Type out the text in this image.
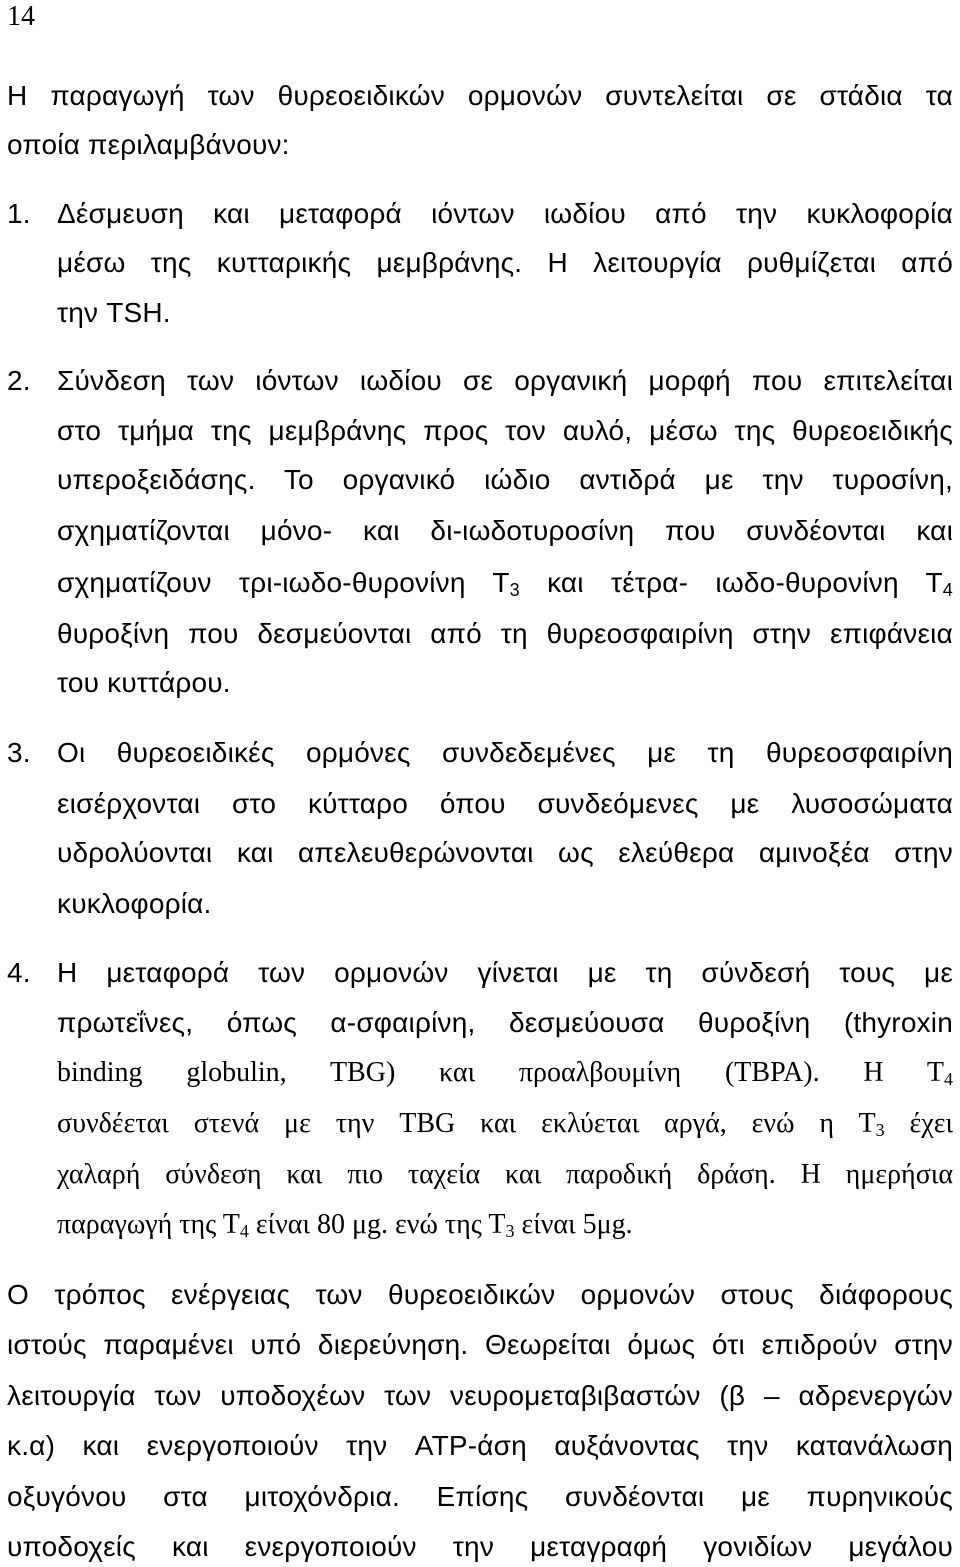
14
Η παραγωγή των θυρεοειδικών ορμονών συντελείται σε στάδια τα
οποία περιλαμβάνουν:
1. Δέσμευση και μεταφορά ιόντων ιωδίου από την κυκλοφορία
μέσω της κυτταρικής μεμβράνης. Η λειτουργία ρυθμίζεται από
την TSH.
2. Σύνδεση των ιόντων ιωδίου σε οργανική μορφή που επιτελείται
στο τμήμα της μεμβράνης προς τον αυλό, μέσω της θυρεοειδικής
υπεροξειδάσης. Το οργανικό ιώδιο αντιδρά με την τυροσίνη,
σχηματίζονται μόνο- και δι-ιωδοτυροσίνη που συνδέονται και
σχηματίζουν τρι-ιωδο-θυρονίνη $T_3$ και τέτρα- ιωδο-θυρονίνη $T_4$
θυροξίνη που δεσμεύονται από τη θυρεοσφαιρίνη στην επιφάνεια
του κυττάρου.
3. Οι θυρεοειδικές ορμόνες συνδεδεμένες με τη θυρεοσφαιρίνη
εισέρχονται στο κύτταρο όπου συνδεόμενες με λυσοσώματα
υδρολύονται και απελευθερώνονται ως ελεύθερα αμινοξέα στην
κυκλοφορία.
4. Η μεταφορά των ορμονών γίνεται με τη σύνδεσή τους με
πρωτεΐνες, όπως α-σφαιρίνη, δεσμεύουσα θυροξίνη (thyroxin
binding globulin, TBG) και προαλβουμίνη (TBPA). Η $T_4$
συνδέεται στενά με την TBG και εκλύεται αργά, ενώ η $T_3$ έχει
χαλαρή σύνδεση και πιο ταχεία και παροδική δράση. Η ημερήσια
παραγωγή της $T_4$ είναι 80 μg. ενώ της $T_3$ είναι 5μg.
Ο τρόπος ενέργειας των θυρεοειδικών ορμονών στους διάφορους
ιστούς παραμένει υπό διερεύνηση. Θεωρείται όμως ότι επιδρούν στην
λειτουργία των υποδοχέων των νευρομεταβιβαστών (β – αδρενεργών
κ.α) και ενεργοποιούν την ATP-άση αυξάνοντας την κατανάλωση
οξυγόνου στα μιτοχόνδρια. Επίσης συνδέονται με πυρηνικούς
υποδοχείς και ενεργοποιούν την μεταγραφή γονιδίων μεγάλου
